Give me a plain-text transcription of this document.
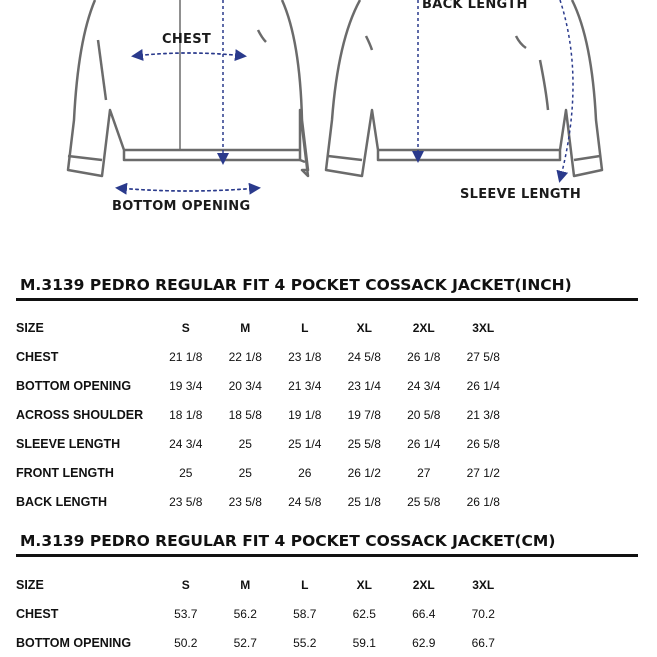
CHEST
BOTTOM OPENING
BACK LENGTH
SLEEVE LENGTH
M.3139 PEDRO REGULAR FIT 4 POCKET COSSACK JACKET(INCH)
SIZE	S	M	L	XL	2XL	3XL
CHEST	21 1/8	22 1/8	23 1/8	24 5/8	26 1/8	27 5/8
BOTTOM OPENING	19 3/4	20 3/4	21 3/4	23 1/4	24 3/4	26 1/4
ACROSS SHOULDER	18 1/8	18 5/8	19 1/8	19 7/8	20 5/8	21 3/8
SLEEVE LENGTH	24 3/4	25	25 1/4	25 5/8	26 1/4	26 5/8
FRONT LENGTH	25	25	26	26 1/2	27	27 1/2
BACK LENGTH	23 5/8	23 5/8	24 5/8	25 1/8	25 5/8	26 1/8
M.3139 PEDRO REGULAR FIT 4 POCKET COSSACK JACKET(CM)
SIZE	S	M	L	XL	2XL	3XL
CHEST	53.7	56.2	58.7	62.5	66.4	70.2
BOTTOM OPENING	50.2	52.7	55.2	59.1	62.9	66.7
